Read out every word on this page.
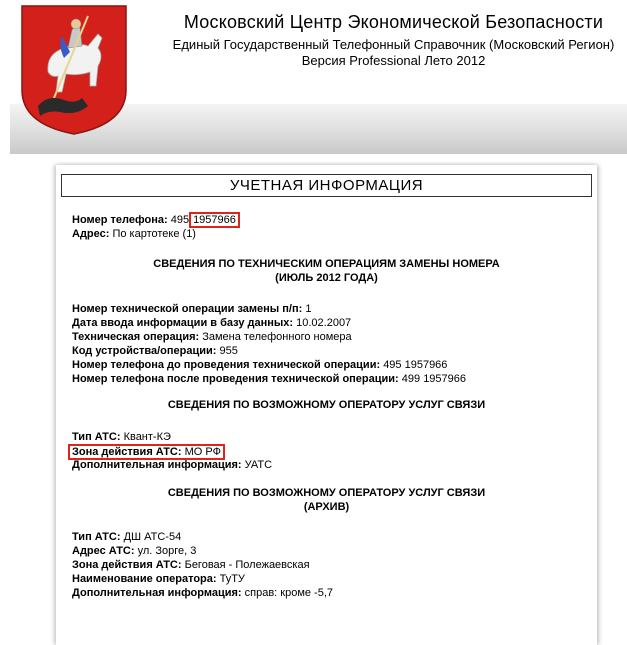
Московский Центр Экономической Безопасности
Единый Государственный Телефонный Справочник (Московский Регион)
Версия Professional Лето 2012
УЧЕТНАЯ ИНФОРМАЦИЯ
Номер телефона: 495 1957966
Адрес: По картотеке (1)
СВЕДЕНИЯ ПО ТЕХНИЧЕСКИМ ОПЕРАЦИЯМ ЗАМЕНЫ НОМЕРА
(ИЮЛЬ 2012 ГОДА)
Номер технической операции замены п/п: 1
Дата ввода информации в базу данных: 10.02.2007
Техническая операция: Замена телефонного номера
Код устройства/операции: 955
Номер телефона до проведения технической операции: 495 1957966
Номер телефона после проведения технической операции: 499 1957966
СВЕДЕНИЯ ПО ВОЗМОЖНОМУ ОПЕРАТОРУ УСЛУГ СВЯЗИ
Тип АТС: Квант-КЭ
Зона действия АТС: МО РФ
Дополнительная информация: УАТС
СВЕДЕНИЯ ПО ВОЗМОЖНОМУ ОПЕРАТОРУ УСЛУГ СВЯЗИ
(АРХИВ)
Тип АТС: ДШ АТС-54
Адрес АТС: ул. Зорге, 3
Зона действия АТС: Беговая - Полежаевская
Наименование оператора: ТуТУ
Дополнительная информация: справ: кроме -5,7
